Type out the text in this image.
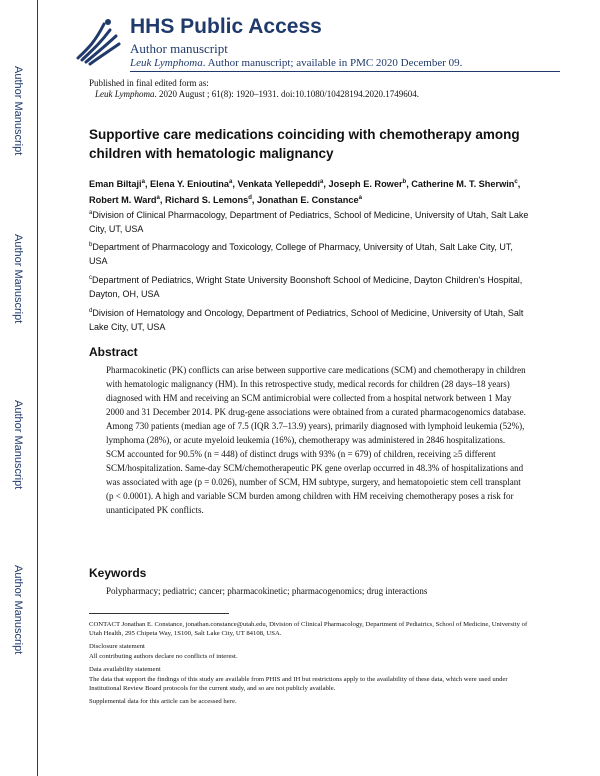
Author Manuscript
Author Manuscript
Author Manuscript
Author Manuscript
HHS Public Access
Author manuscript
Leuk Lymphoma. Author manuscript; available in PMC 2020 December 09.
Published in final edited form as:
Leuk Lymphoma. 2020 August ; 61(8): 1920–1931. doi:10.1080/10428194.2020.1749604.
Supportive care medications coinciding with chemotherapy among children with hematologic malignancy
Eman Biltaji$^a$, Elena Y. Enioutina$^a$, Venkata Yellepeddi$^a$, Joseph E. Rower$^b$, Catherine M. T. Sherwin$^c$, Robert M. Ward$^a$, Richard S. Lemons$^d$, Jonathan E. Constance$^a$
$^a$Division of Clinical Pharmacology, Department of Pediatrics, School of Medicine, University of Utah, Salt Lake City, UT, USA
$^b$Department of Pharmacology and Toxicology, College of Pharmacy, University of Utah, Salt Lake City, UT, USA
$^c$Department of Pediatrics, Wright State University Boonshoft School of Medicine, Dayton Children's Hospital, Dayton, OH, USA
$^d$Division of Hematology and Oncology, Department of Pediatrics, School of Medicine, University of Utah, Salt Lake City, UT, USA
Abstract
Pharmacokinetic (PK) conflicts can arise between supportive care medications (SCM) and chemotherapy in children with hematologic malignancy (HM). In this retrospective study, medical records for children (28 days–18 years) diagnosed with HM and receiving an SCM antimicrobial were collected from a hospital network between 1 May 2000 and 31 December 2014. PK drug-gene associations were obtained from a curated pharmacogenomics database. Among 730 patients (median age of 7.5 (IQR 3.7–13.9) years), primarily diagnosed with lymphoid leukemia (52%), lymphoma (28%), or acute myeloid leukemia (16%), chemotherapy was administered in 2846 hospitalizations. SCM accounted for 90.5% (n = 448) of distinct drugs with 93% (n = 679) of children, receiving ≥5 different SCM/hospitalization. Same-day SCM/chemotherapeutic PK gene overlap occurred in 48.3% of hospitalizations and was associated with age (p = 0.026), number of SCM, HM subtype, surgery, and hematopoietic stem cell transplant (p < 0.0001). A high and variable SCM burden among children with HM receiving chemotherapy poses a risk for unanticipated PK conflicts.
Keywords
Polypharmacy; pediatric; cancer; pharmacokinetic; pharmacogenomics; drug interactions
CONTACT Jonathan E. Constance, jonathan.constance@utah.edu, Division of Clinical Pharmacology, Department of Pediatrics, School of Medicine, University of Utah Health, 295 Chipeta Way, 1S100, Salt Lake City, UT 84108, USA.
Disclosure statement
All contributing authors declare no conflicts of interest.
Data availability statement
The data that support the findings of this study are available from PHIS and IH but restrictions apply to the availability of these data, which were used under Institutional Review Board protocols for the current study, and so are not publicly available.
Supplemental data for this article can be accessed here.
